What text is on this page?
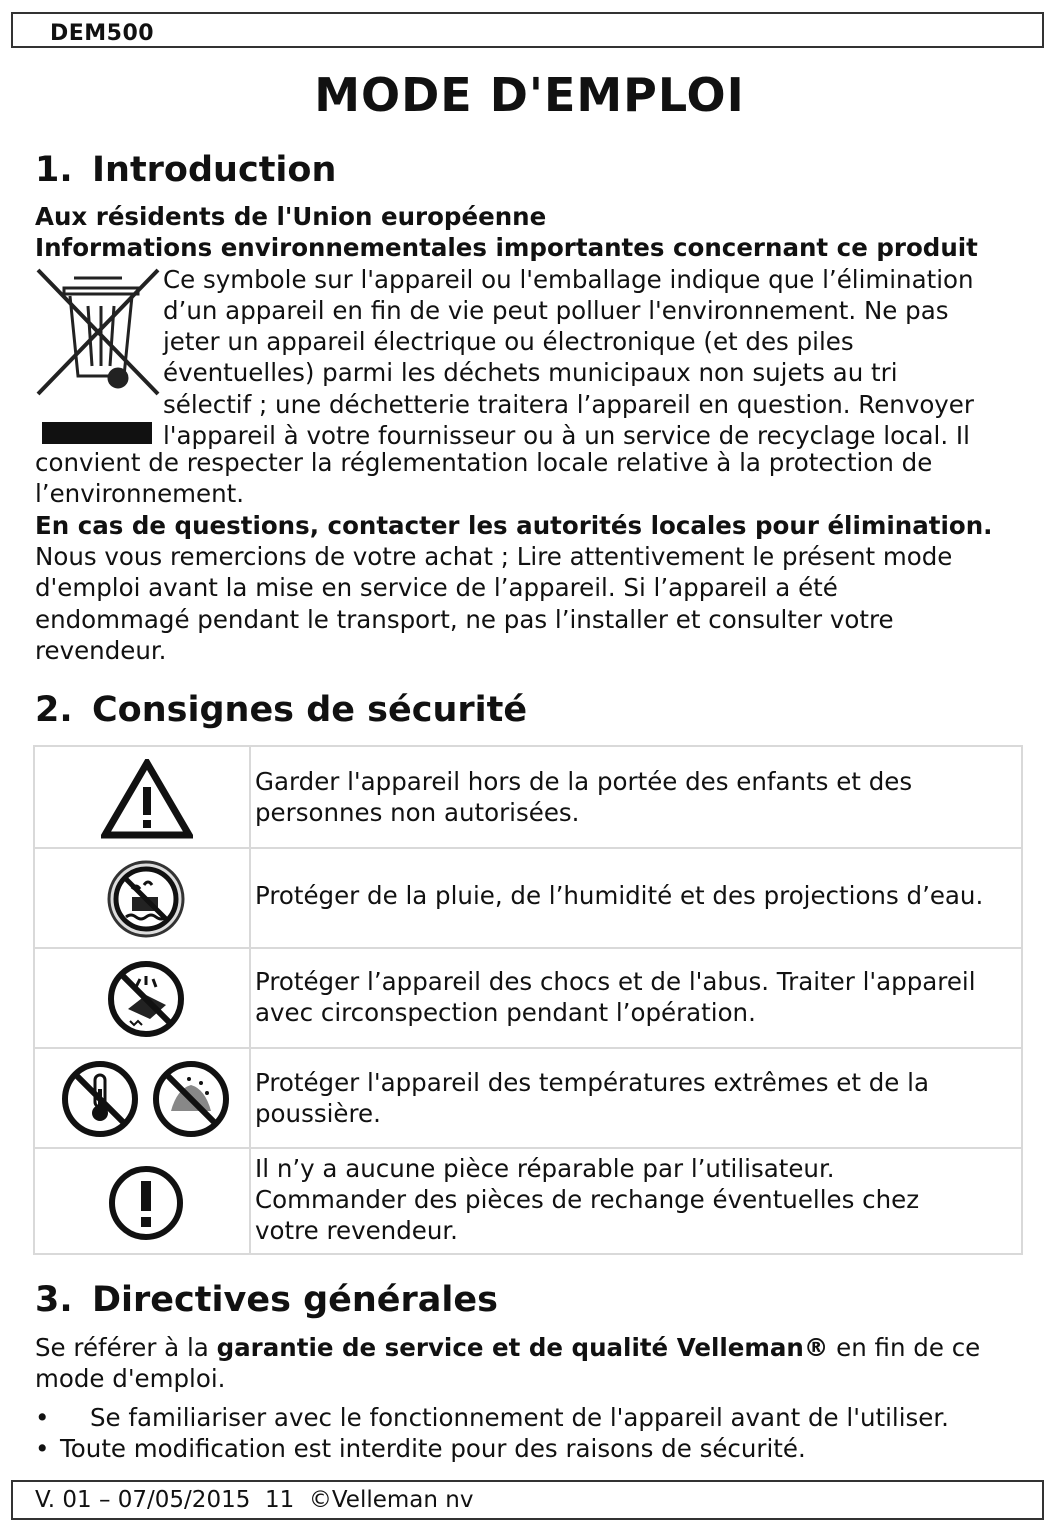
DEM500
MODE D'EMPLOI
1. Introduction
Aux résidents de l'Union européenne
Informations environnementales importantes concernant ce produit
Ce symbole sur l'appareil ou l'emballage indique que l’élimination
d’un appareil en fin de vie peut polluer l'environnement. Ne pas
jeter un appareil électrique ou électronique (et des piles
éventuelles) parmi les déchets municipaux non sujets au tri
sélectif ; une déchetterie traitera l’appareil en question. Renvoyer
l'appareil à votre fournisseur ou à un service de recyclage local. Il
convient de respecter la réglementation locale relative à la protection de
l’environnement.
En cas de questions, contacter les autorités locales pour élimination.
Nous vous remercions de votre achat ; Lire attentivement le présent mode
d'emploi avant la mise en service de l’appareil. Si l’appareil a été
endommagé pendant le transport, ne pas l’installer et consulter votre
revendeur.
2. Consignes de sécurité
Garder l'appareil hors de la portée des enfants et des
personnes non autorisées.
Protéger de la pluie, de l’humidité et des projections d’eau.
Protéger l’appareil des chocs et de l'abus. Traiter l'appareil
avec circonspection pendant l’opération.
Protéger l'appareil des températures extrêmes et de la
poussière.
Il n’y a aucune pièce réparable par l’utilisateur.
Commander des pièces de rechange éventuelles chez
votre revendeur.
3. Directives générales
Se référer à la garantie de service et de qualité Velleman® en fin de ce
mode d'emploi.
• Se familiariser avec le fonctionnement de l'appareil avant de l'utiliser.
• Toute modification est interdite pour des raisons de sécurité.
V. 01 – 07/05/2015  11  ©Velleman nv
